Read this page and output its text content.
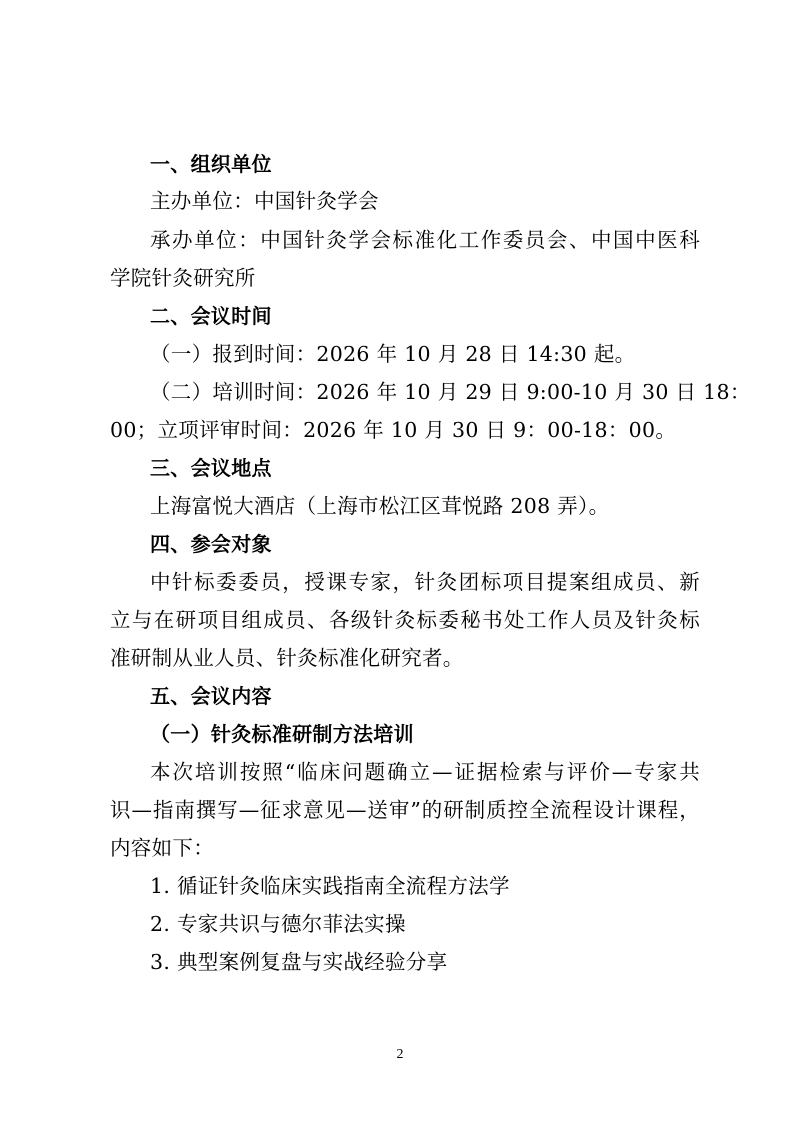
一、组织单位
主办单位：中国针灸学会
承办单位：中国针灸学会标准化工作委员会、中国中医科
学院针灸研究所
二、会议时间
（一）报到时间：2026 年 10 月 28 日 14:30 起。
（二）培训时间：2026 年 10 月 29 日 9:00-10 月 30 日 18：
00；立项评审时间：2026 年 10 月 30 日 9：00-18：00。
三、会议地点
上海富悦大酒店（上海市松江区茸悦路 208 弄）。
四、参会对象
中针标委委员，授课专家，针灸团标项目提案组成员、新
立与在研项目组成员、各级针灸标委秘书处工作人员及针灸标
准研制从业人员、针灸标准化研究者。
五、会议内容
（一）针灸标准研制方法培训
本次培训按照“临床问题确立—证据检索与评价—专家共
识—指南撰写—征求意见—送审”的研制质控全流程设计课程，
内容如下：
1. 循证针灸临床实践指南全流程方法学
2. 专家共识与德尔菲法实操
3. 典型案例复盘与实战经验分享
2
